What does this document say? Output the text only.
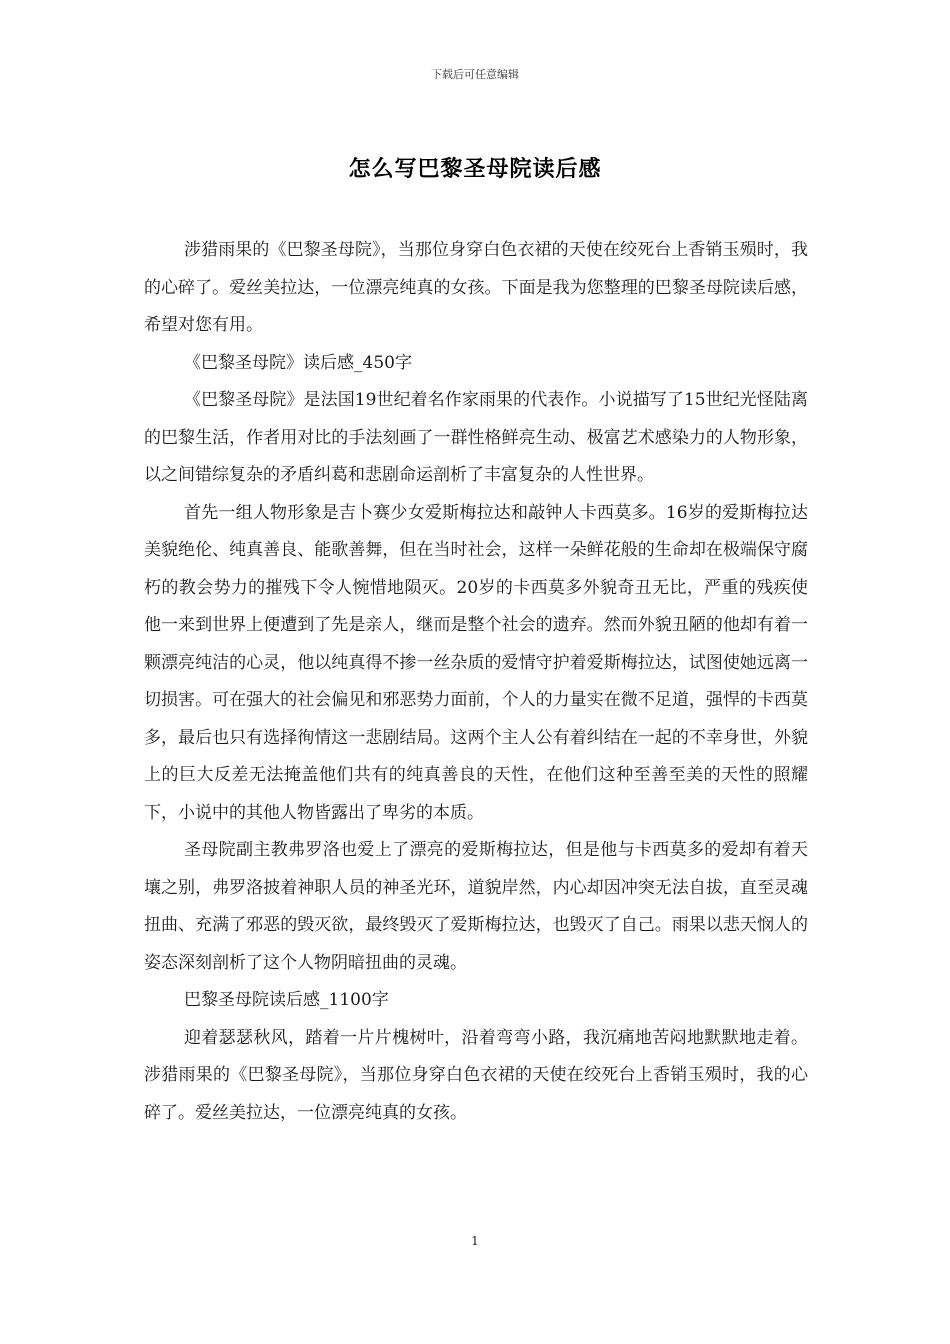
下载后可任意编辑
怎么写巴黎圣母院读后感

涉猎雨果的《巴黎圣母院》，当那位身穿白色衣裙的天使在绞死台上香销玉殒时，我的心碎了。爱丝美拉达，一位漂亮纯真的女孩。下面是我为您整理的巴黎圣母院读后感，希望对您有用。

《巴黎圣母院》读后感_450字

《巴黎圣母院》是法国19世纪着名作家雨果的代表作。小说描写了15世纪光怪陆离的巴黎生活，作者用对比的手法刻画了一群性格鲜亮生动、极富艺术感染力的人物形象，以之间错综复杂的矛盾纠葛和悲剧命运剖析了丰富复杂的人性世界。

首先一组人物形象是吉卜赛少女爱斯梅拉达和敲钟人卡西莫多。16岁的爱斯梅拉达美貌绝伦、纯真善良、能歌善舞，但在当时社会，这样一朵鲜花般的生命却在极端保守腐朽的教会势力的摧残下令人惋惜地陨灭。20岁的卡西莫多外貌奇丑无比，严重的残疾使他一来到世界上便遭到了先是亲人，继而是整个社会的遗弃。然而外貌丑陋的他却有着一颗漂亮纯洁的心灵，他以纯真得不掺一丝杂质的爱情守护着爱斯梅拉达，试图使她远离一切损害。可在强大的社会偏见和邪恶势力面前，个人的力量实在微不足道，强悍的卡西莫多，最后也只有选择徇情这一悲剧结局。这两个主人公有着纠结在一起的不幸身世，外貌上的巨大反差无法掩盖他们共有的纯真善良的天性，在他们这种至善至美的天性的照耀下，小说中的其他人物皆露出了卑劣的本质。

圣母院副主教弗罗洛也爱上了漂亮的爱斯梅拉达，但是他与卡西莫多的爱却有着天壤之别，弗罗洛披着神职人员的神圣光环，道貌岸然，内心却因冲突无法自拔，直至灵魂扭曲、充满了邪恶的毁灭欲，最终毁灭了爱斯梅拉达，也毁灭了自己。雨果以悲天悯人的姿态深刻剖析了这个人物阴暗扭曲的灵魂。

巴黎圣母院读后感_1100字

迎着瑟瑟秋风，踏着一片片槐树叶，沿着弯弯小路，我沉痛地苦闷地默默地走着。涉猎雨果的《巴黎圣母院》，当那位身穿白色衣裙的天使在绞死台上香销玉殒时，我的心碎了。爱丝美拉达，一位漂亮纯真的女孩。

1
